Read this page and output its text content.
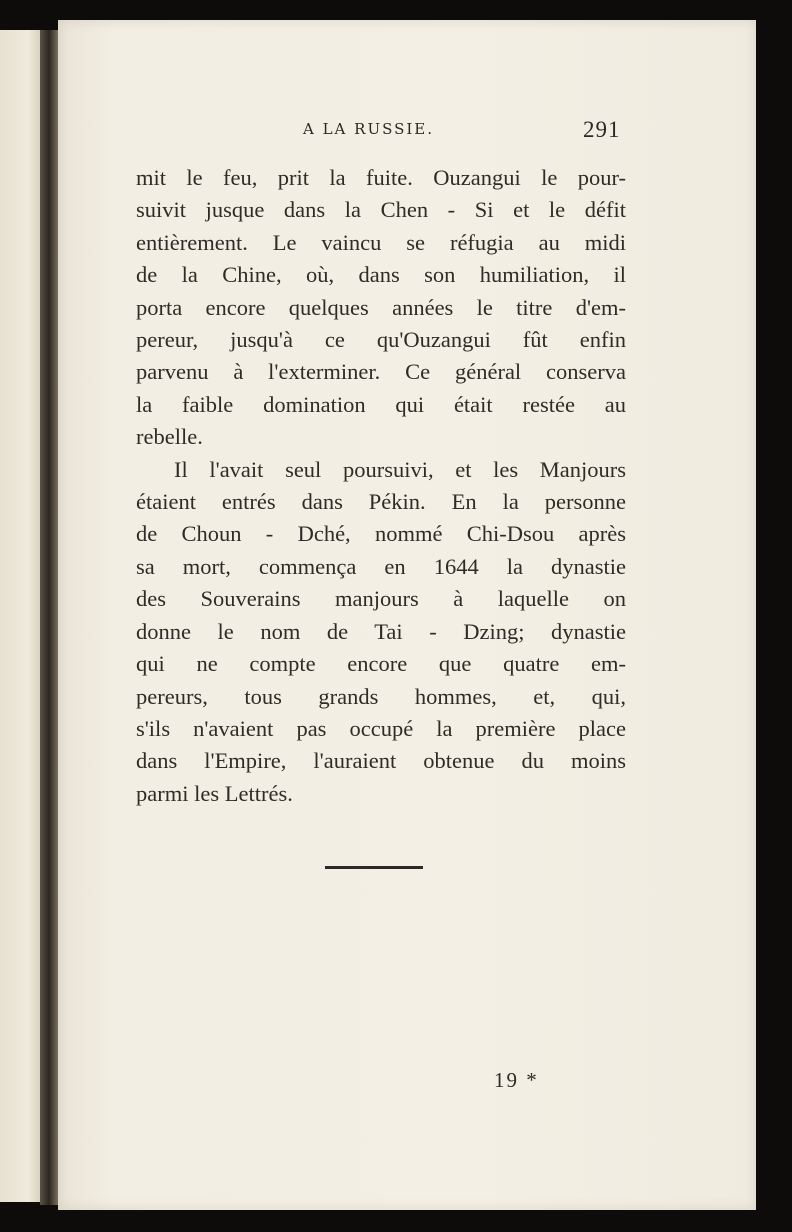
A LA RUSSIE.	291
mit le feu, prit la fuite. Ouzangui le pour-
suivit jusque dans la Chen - Si et le défit
entièrement. Le vaincu se réfugia au midi
de la Chine, où, dans son humiliation, il
porta encore quelques années le titre d'em-
pereur, jusqu'à ce qu'Ouzangui fût enfin
parvenu à l'exterminer. Ce général conserva
la faible domination qui était restée au
rebelle.
Il l'avait seul poursuivi, et les Manjours
étaient entrés dans Pékin. En la personne
de Choun - Dché, nommé Chi-Dsou après
sa mort, commença en 1644 la dynastie
des Souverains manjours à laquelle on
donne le nom de Tai - Dzing; dynastie
qui ne compte encore que quatre em-
pereurs, tous grands hommes, et, qui,
s'ils n'avaient pas occupé la première place
dans l'Empire, l'auraient obtenue du moins
parmi les Lettrés.
19 *
